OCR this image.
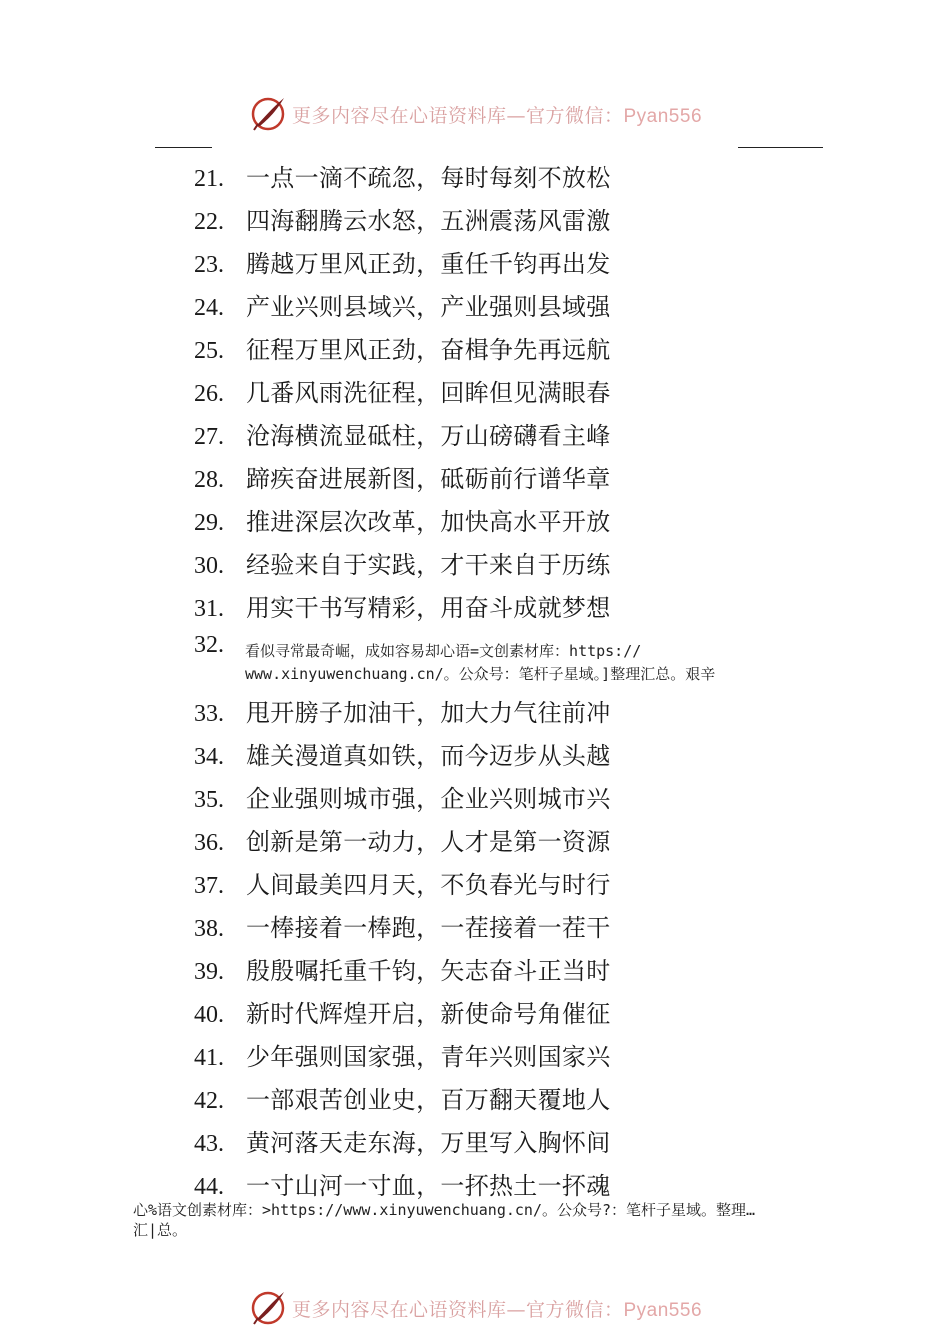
更多内容尽在心语资料库—官方微信：Pyan556
21. 一点一滴不疏忽，每时每刻不放松
22. 四海翻腾云水怒，五洲震荡风雷激
23. 腾越万里风正劲，重任千钧再出发
24. 产业兴则县域兴，产业强则县域强
25. 征程万里风正劲，奋楫争先再远航
26. 几番风雨洗征程，回眸但见满眼春
27. 沧海横流显砥柱，万山磅礴看主峰
28. 蹄疾奋进展新图，砥砺前行谱华章
29. 推进深层次改革，加快高水平开放
30. 经验来自于实践，才干来自于历练
31. 用实干书写精彩，用奋斗成就梦想
32.	看似寻常最奇崛，成如容易却心语=文创素材库：https://
www.xinyuwenchuang.cn/。公众号：笔杆子星域。]整理汇总。艰辛
33. 甩开膀子加油干，加大力气往前冲
34. 雄关漫道真如铁，而今迈步从头越
35. 企业强则城市强，企业兴则城市兴
36. 创新是第一动力，人才是第一资源
37. 人间最美四月天，不负春光与时行
38. 一棒接着一棒跑，一茬接着一茬干
39. 殷殷嘱托重千钧，矢志奋斗正当时
40. 新时代辉煌开启，新使命号角催征
41. 少年强则国家强，青年兴则国家兴
42. 一部艰苦创业史，百万翻天覆地人
43. 黄河落天走东海，万里写入胸怀间
44. 一寸山河一寸血，一抔热土一抔魂
心%语文创素材库：>https://www.xinyuwenchuang.cn/。公众号?：笔杆子星域。整理…
汇|总。
更多内容尽在心语资料库—官方微信：Pyan556
